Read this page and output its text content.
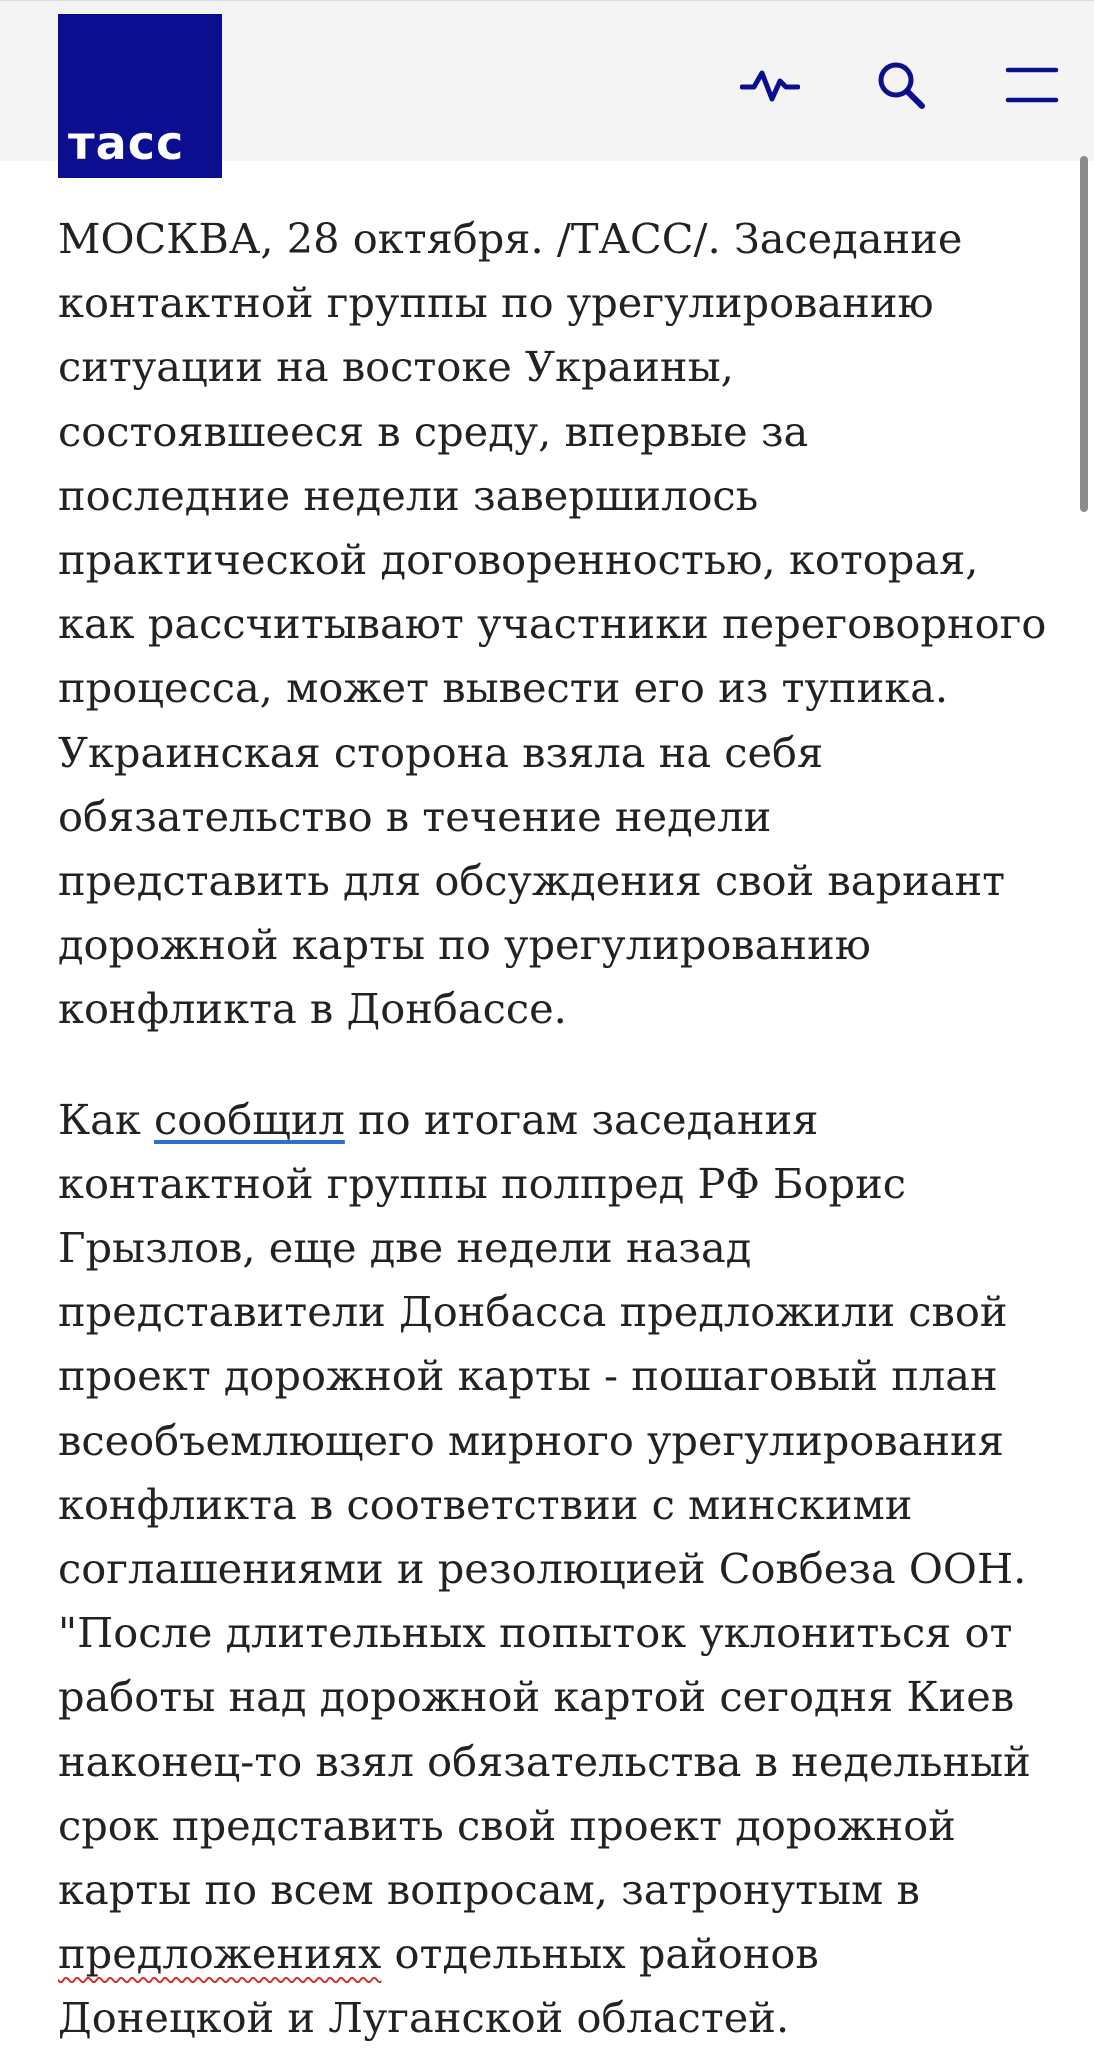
тасс

МОСКВА, 28 октября. /ТАСС/. Заседание контактной группы по урегулированию ситуации на востоке Украины, состоявшееся в среду, впервые за последние недели завершилось практической договоренностью, которая, как рассчитывают участники переговорного процесса, может вывести его из тупика. Украинская сторона взяла на себя обязательство в течение недели представить для обсуждения свой вариант дорожной карты по урегулированию конфликта в Донбассе.

Как сообщил по итогам заседания контактной группы полпред РФ Борис Грызлов, еще две недели назад представители Донбасса предложили свой проект дорожной карты - пошаговый план всеобъемлющего мирного урегулирования конфликта в соответствии с минскими соглашениями и резолюцией Совбеза ООН. "После длительных попыток уклониться от работы над дорожной картой сегодня Киев наконец-то взял обязательства в недельный срок представить свой проект дорожной карты по всем вопросам, затронутым в предложениях отдельных районов Донецкой и Луганской областей.
